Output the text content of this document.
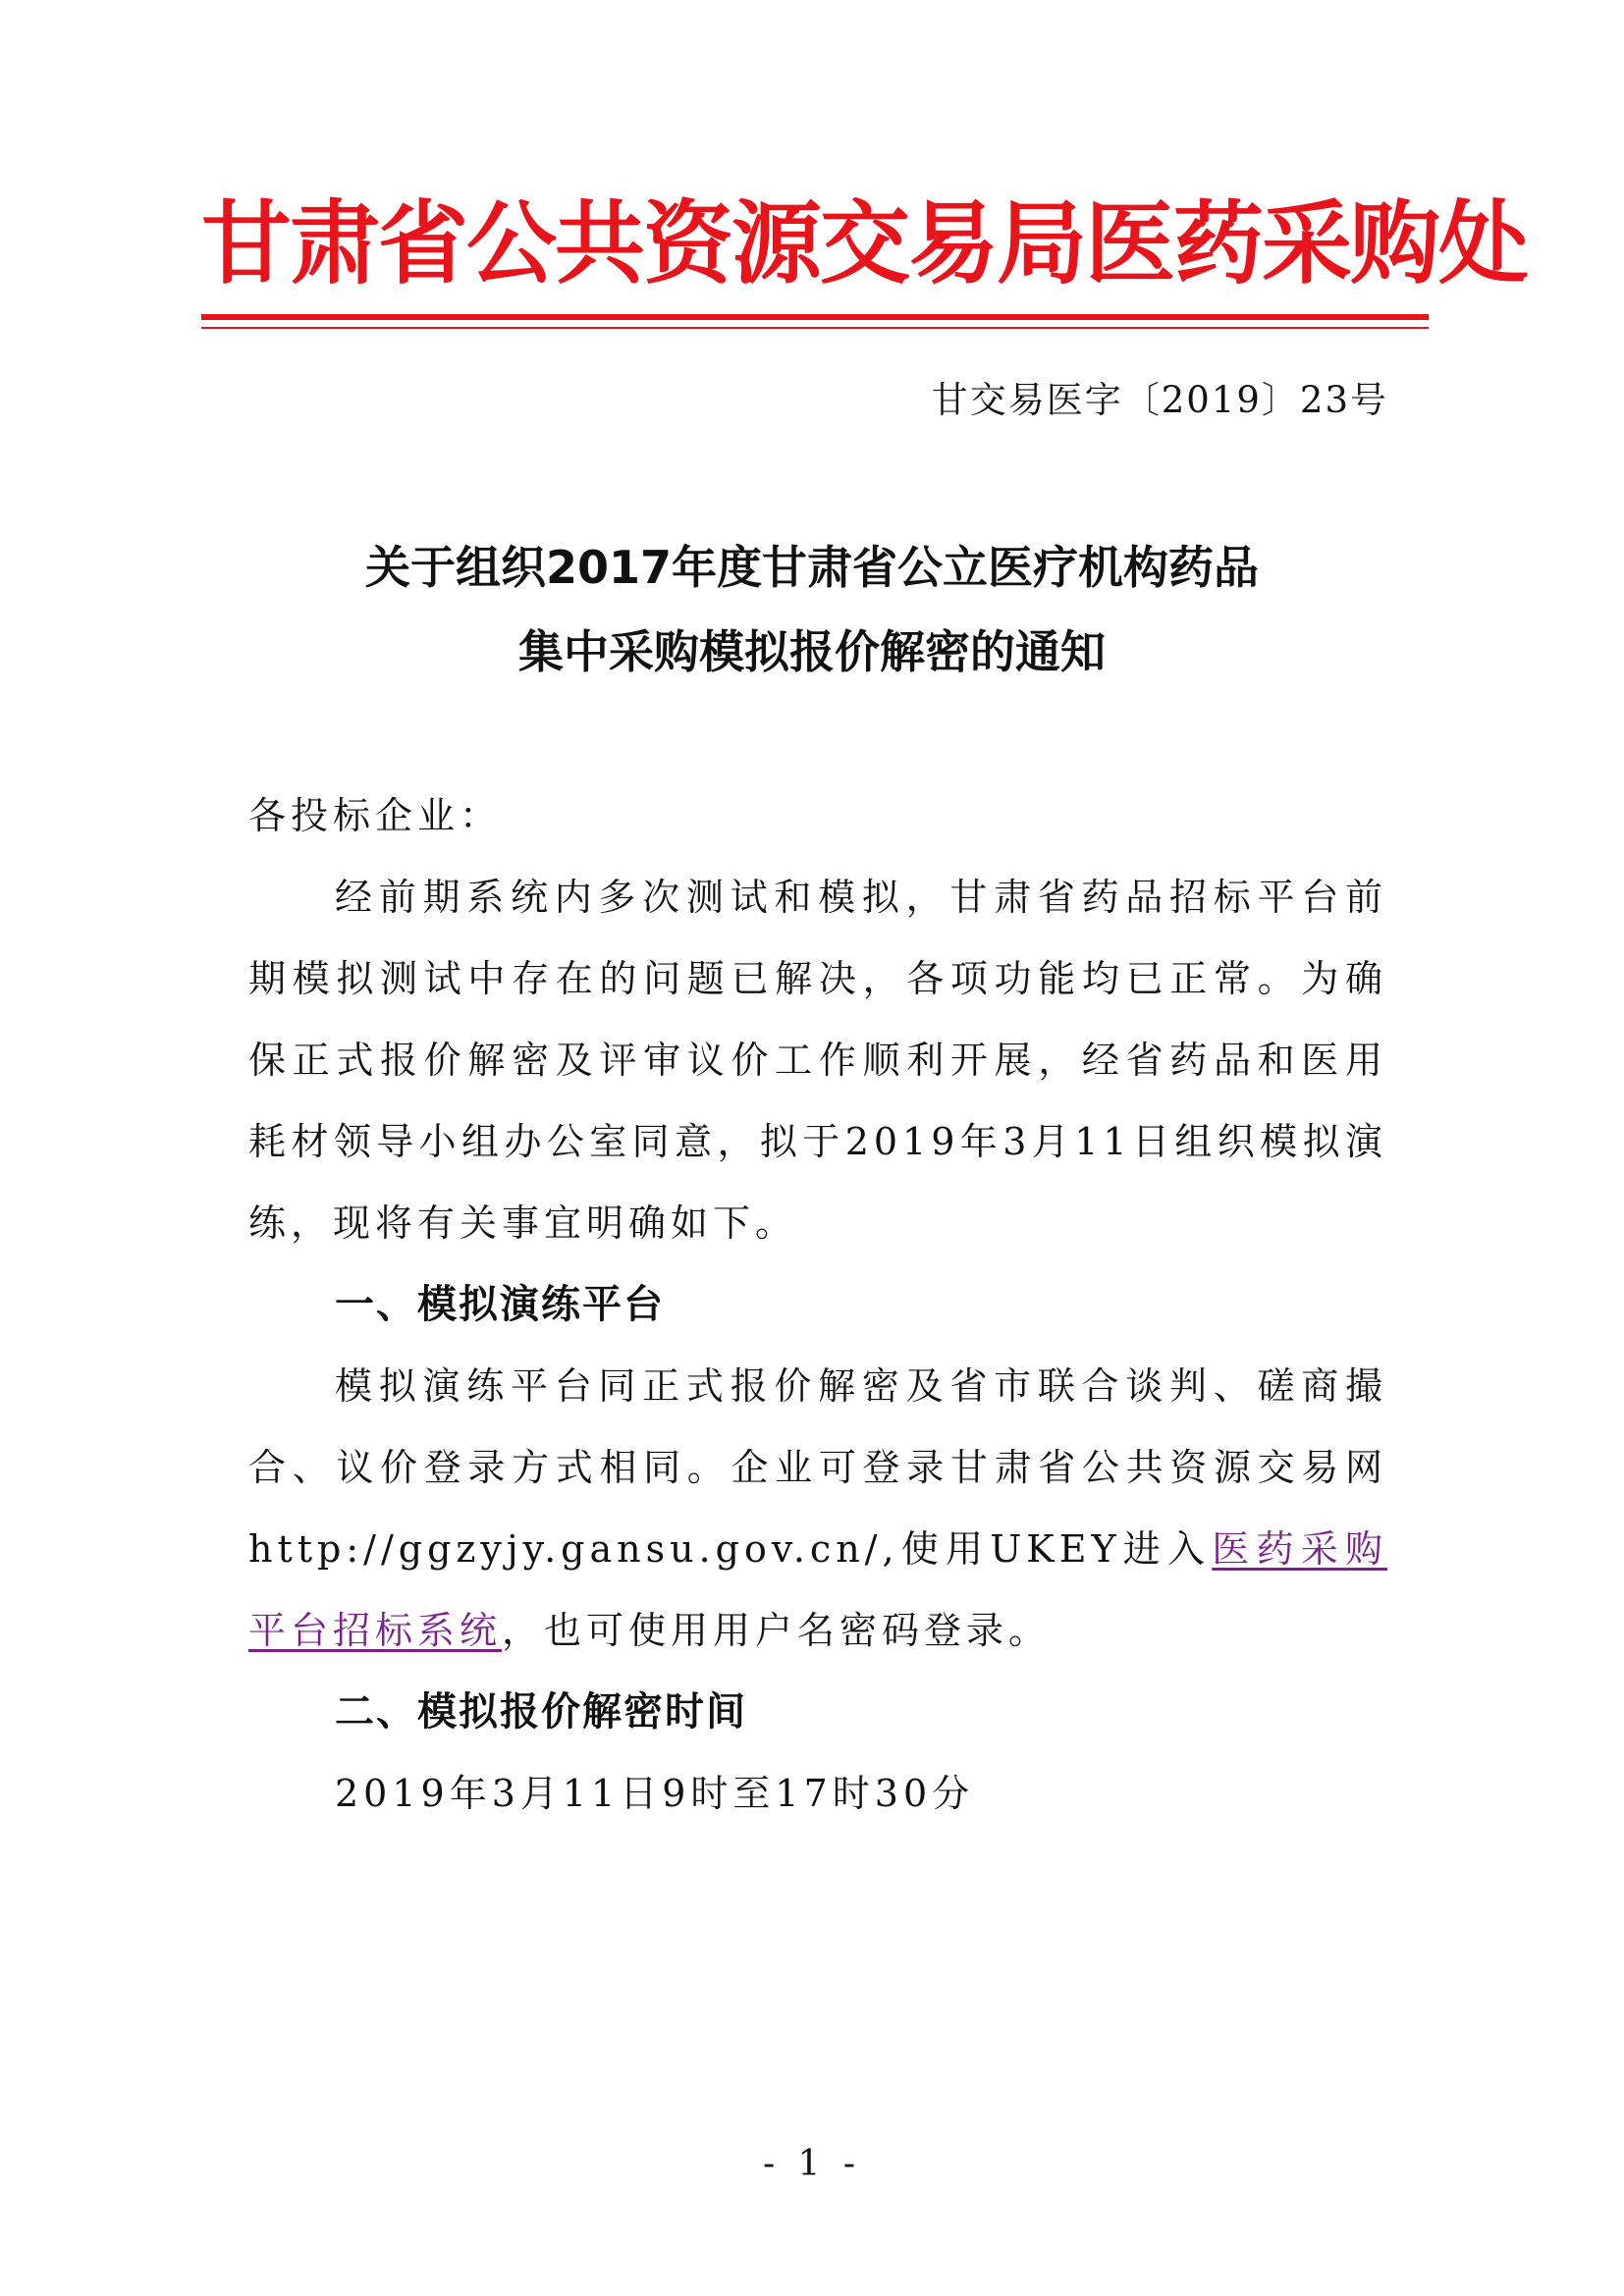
甘肃省公共资源交易局医药采购处
甘交易医字〔2019〕23号
关于组织2017年度甘肃省公立医疗机构药品
集中采购模拟报价解密的通知

各投标企业：

经前期系统内多次测试和模拟，甘肃省药品招标平台前期模拟测试中存在的问题已解决，各项功能均已正常。为确保正式报价解密及评审议价工作顺利开展，经省药品和医用耗材领导小组办公室同意，拟于2019年3月11日组织模拟演练，现将有关事宜明确如下。

一、模拟演练平台

模拟演练平台同正式报价解密及省市联合谈判、磋商撮合、议价登录方式相同。企业可登录甘肃省公共资源交易网http://ggzyjy.gansu.gov.cn/,使用UKEY进入医药采购平台招标系统，也可使用用户名密码登录。

二、模拟报价解密时间

2019年3月11日9时至17时30分

- 1 -
